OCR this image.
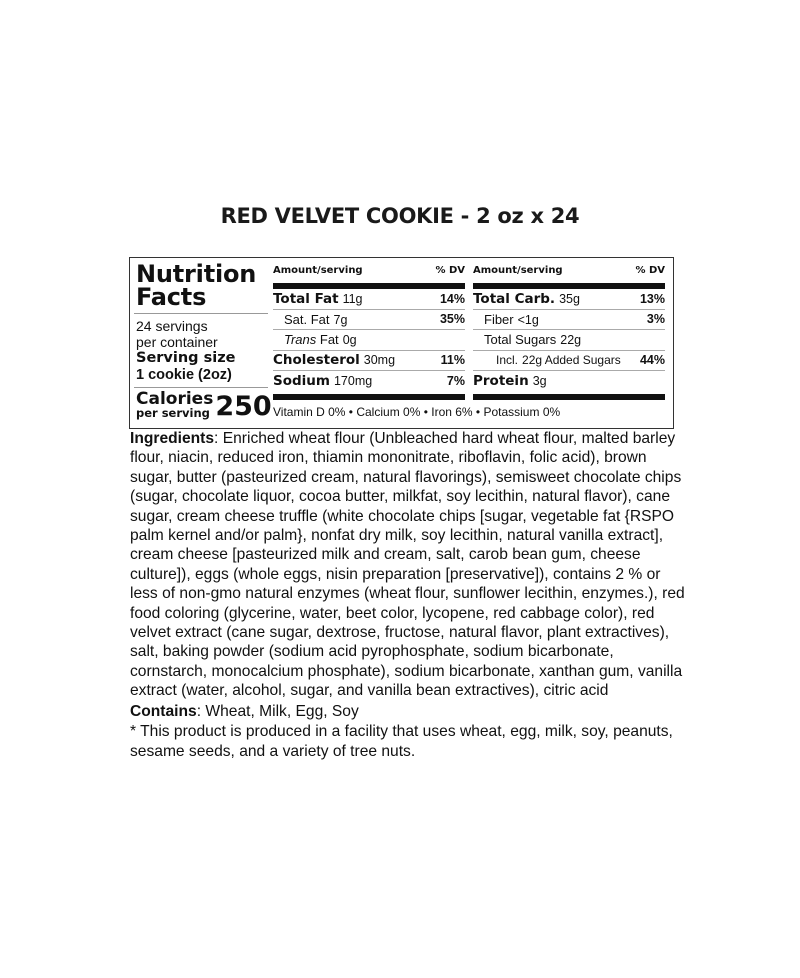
RED VELVET COOKIE - 2 oz x 24
Nutrition
Facts
24 servings
per container
Serving size
1 cookie (2oz)
Calories
per serving 250
Amount/serving	% DV
Total Fat 11g	14%
Sat. Fat 7g	35%
Trans Fat 0g
Cholesterol 30mg	11%
Sodium 170mg	7%
Amount/serving	% DV
Total Carb. 35g	13%
Fiber <1g	3%
Total Sugars 22g
Incl. 22g Added Sugars 44%
Protein 3g
Vitamin D 0% • Calcium 0% • Iron 6% • Potassium 0%

Ingredients: Enriched wheat flour (Unbleached hard wheat flour, malted barley flour, niacin, reduced iron, thiamin mononitrate, riboflavin, folic acid), brown sugar, butter (pasteurized cream, natural flavorings), semisweet chocolate chips (sugar, chocolate liquor, cocoa butter, milkfat, soy lecithin, natural flavor), cane sugar, cream cheese truffle (white chocolate chips [sugar, vegetable fat {RSPO palm kernel and/or palm}, nonfat dry milk, soy lecithin, natural vanilla extract], cream cheese [pasteurized milk and cream, salt, carob bean gum, cheese culture]), eggs (whole eggs, nisin preparation [preservative]), contains 2 % or less of non-gmo natural enzymes (wheat flour, sunflower lecithin, enzymes.), red food coloring (glycerine, water, beet color, lycopene, red cabbage color), red velvet extract (cane sugar, dextrose, fructose, natural flavor, plant extractives), salt, baking powder (sodium acid pyrophosphate, sodium bicarbonate, cornstarch, monocalcium phosphate), sodium bicarbonate, xanthan gum, vanilla extract (water, alcohol, sugar, and vanilla bean extractives), citric acid

Contains: Wheat, Milk, Egg, Soy

* This product is produced in a facility that uses wheat, egg, milk, soy, peanuts, sesame seeds, and a variety of tree nuts.
